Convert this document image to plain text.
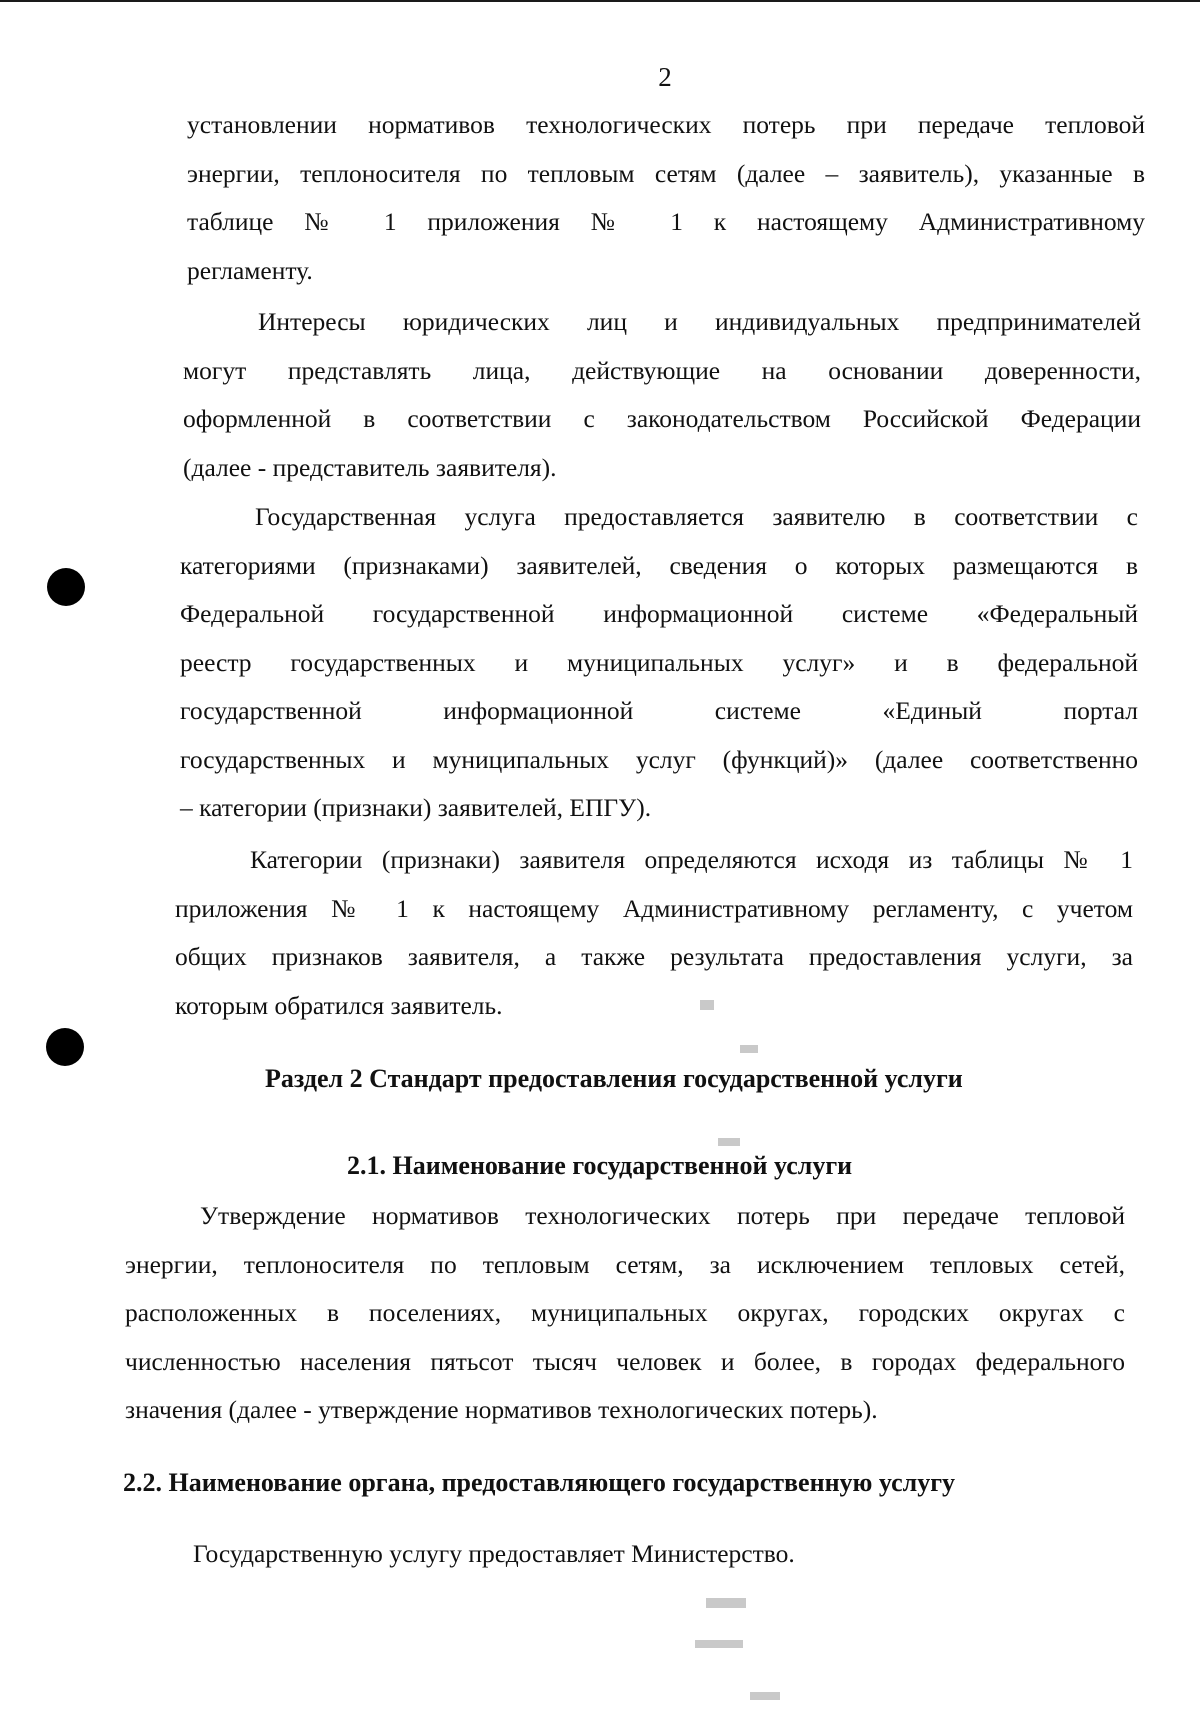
2
установлении нормативов технологических потерь при передаче тепловой
энергии, теплоносителя по тепловым сетям (далее – заявитель), указанные в
таблице № 1 приложения № 1 к настоящему Административному
регламенту.
Интересы юридических лиц и индивидуальных предпринимателей
могут представлять лица, действующие на основании доверенности,
оформленной в соответствии с законодательством Российской Федерации
(далее - представитель заявителя).
Государственная услуга предоставляется заявителю в соответствии с
категориями (признаками) заявителей, сведения о которых размещаются в
Федеральной государственной информационной системе «Федеральный
реестр государственных и муниципальных услуг» и в федеральной
государственной информационной системе «Единый портал
государственных и муниципальных услуг (функций)» (далее соответственно
– категории (признаки) заявителей, ЕПГУ).
Категории (признаки) заявителя определяются исходя из таблицы № 1
приложения № 1 к настоящему Административному регламенту, с учетом
общих признаков заявителя, а также результата предоставления услуги, за
которым обратился заявитель.
Раздел 2 Стандарт предоставления государственной услуги
2.1. Наименование государственной услуги
Утверждение нормативов технологических потерь при передаче тепловой
энергии, теплоносителя по тепловым сетям, за исключением тепловых сетей,
расположенных в поселениях, муниципальных округах, городских округах с
численностью населения пятьсот тысяч человек и более, в городах федерального
значения (далее - утверждение нормативов технологических потерь).
2.2. Наименование органа, предоставляющего государственную услугу
Государственную услугу предоставляет Министерство.
